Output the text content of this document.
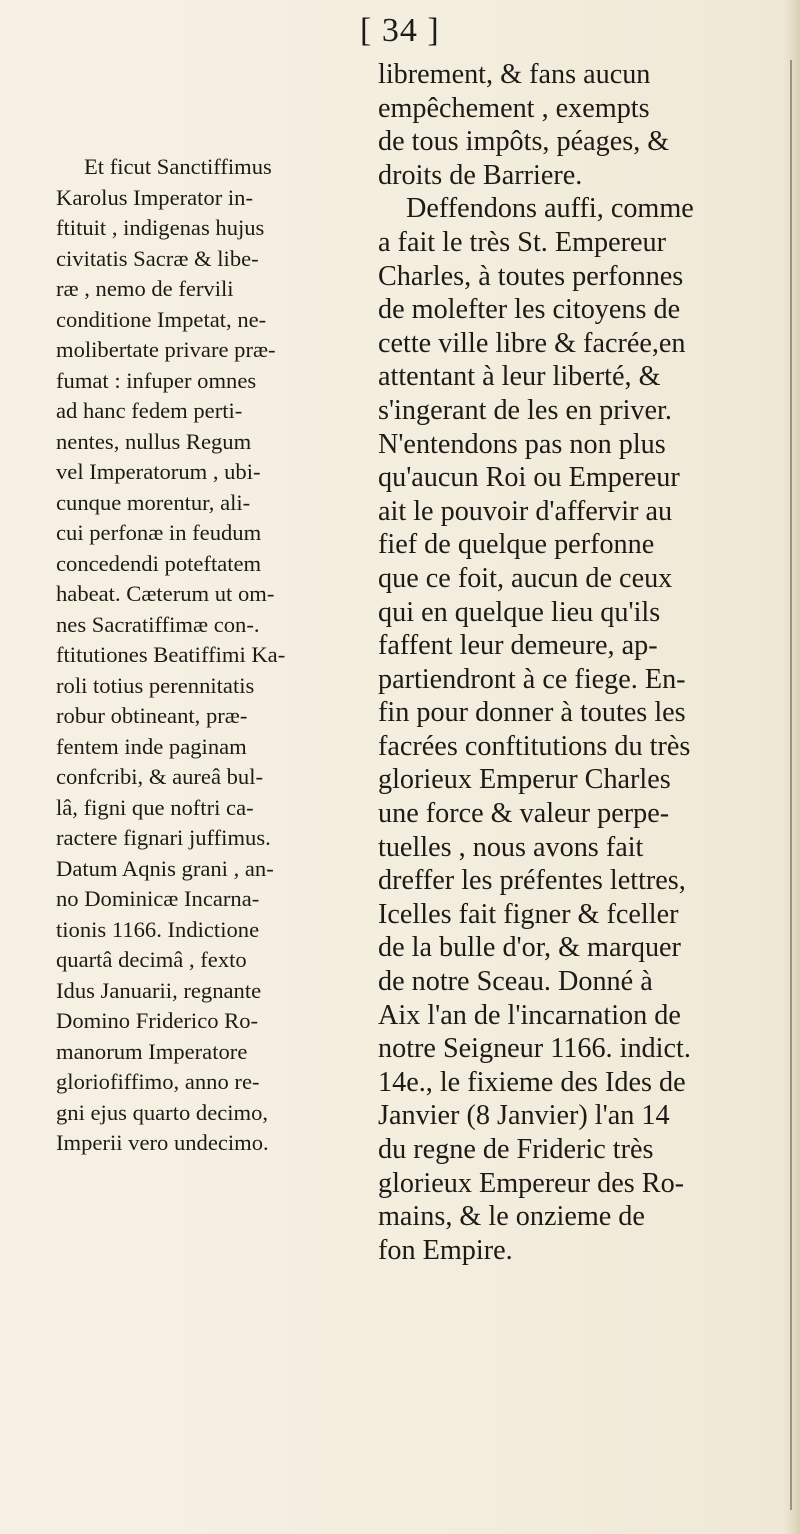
[ 34 ]
Et ficut Sanctiffimus
Karolus Imperator in-
ftituit , indigenas hujus
civitatis Sacræ & libe-
ræ , nemo de fervili
conditione Impetat, ne-
molibertate privare præ-
fumat : infuper omnes
ad hanc fedem perti-
nentes, nullus Regum
vel Imperatorum , ubi-
cunque morentur, ali-
cui perfonæ in feudum
concedendi poteftatem
habeat. Cæterum ut om-
nes Sacratiffimæ con-.
ftitutiones Beatiffimi Ka-
roli totius perennitatis
robur obtineant, præ-
fentem inde paginam
confcribi, & aureâ bul-
lâ, figni que noftri ca-
ractere fignari juffimus.
Datum Aqnis grani , an-
no Dominicæ Incarna-
tionis 1166. Indictione
quartâ decimâ , fexto
Idus Januarii, regnante
Domino Friderico Ro-
manorum Imperatore
gloriofiffimo, anno re-
gni ejus quarto decimo,
Imperii vero undecimo.
librement, & fans aucun
empêchement , exempts
de tous impôts, péages, &
droits de Barriere.
Deffendons auffi, comme
a fait le très St. Empereur
Charles, à toutes perfonnes
de molefter les citoyens de
cette ville libre & facrée,en
attentant à leur liberté, &
s'ingerant de les en priver.
N'entendons pas non plus
qu'aucun Roi ou Empereur
ait le pouvoir d'affervir au
fief de quelque perfonne
que ce foit, aucun de ceux
qui en quelque lieu qu'ils
faffent leur demeure, ap-
partiendront à ce fiege. En-
fin pour donner à toutes les
facrées conftitutions du très
glorieux Emperur Charles
une force & valeur perpe-
tuelles , nous avons fait
dreffer les préfentes lettres,
Icelles fait figner & fceller
de la bulle d'or, & marquer
de notre Sceau. Donné à
Aix l'an de l'incarnation de
notre Seigneur 1166. indict.
14e., le fixieme des Ides de
Janvier (8 Janvier) l'an 14
du regne de Frideric très
glorieux Empereur des Ro-
mains, & le onzieme de
fon Empire.
